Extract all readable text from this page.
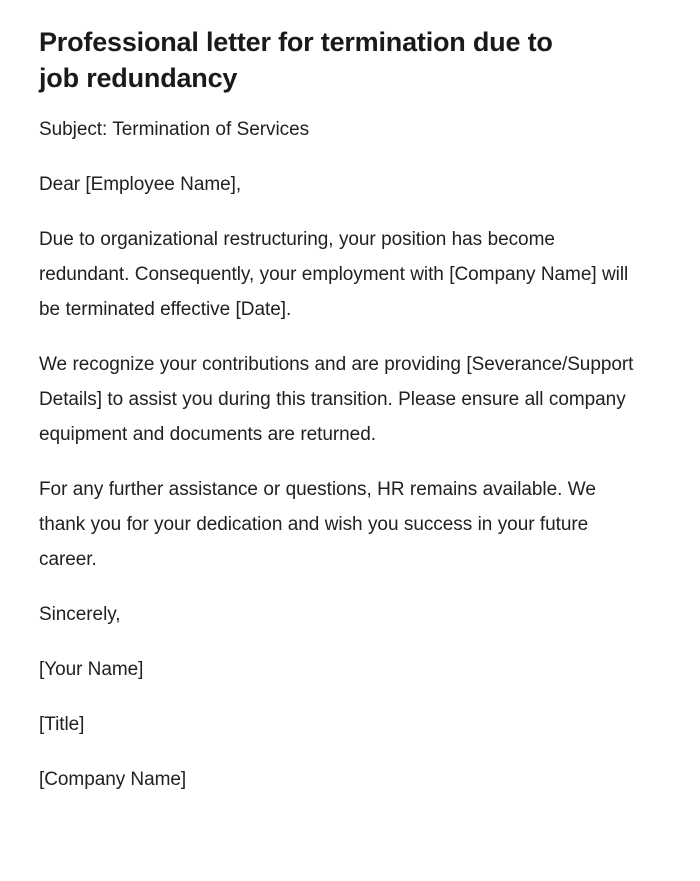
Professional letter for termination due to job redundancy

Subject: Termination of Services

Dear [Employee Name],

Due to organizational restructuring, your position has become redundant. Consequently, your employment with [Company Name] will be terminated effective [Date].

We recognize your contributions and are providing [Severance/Support Details] to assist you during this transition. Please ensure all company equipment and documents are returned.

For any further assistance or questions, HR remains available. We thank you for your dedication and wish you success in your future career.

Sincerely,

[Your Name]

[Title]

[Company Name]
